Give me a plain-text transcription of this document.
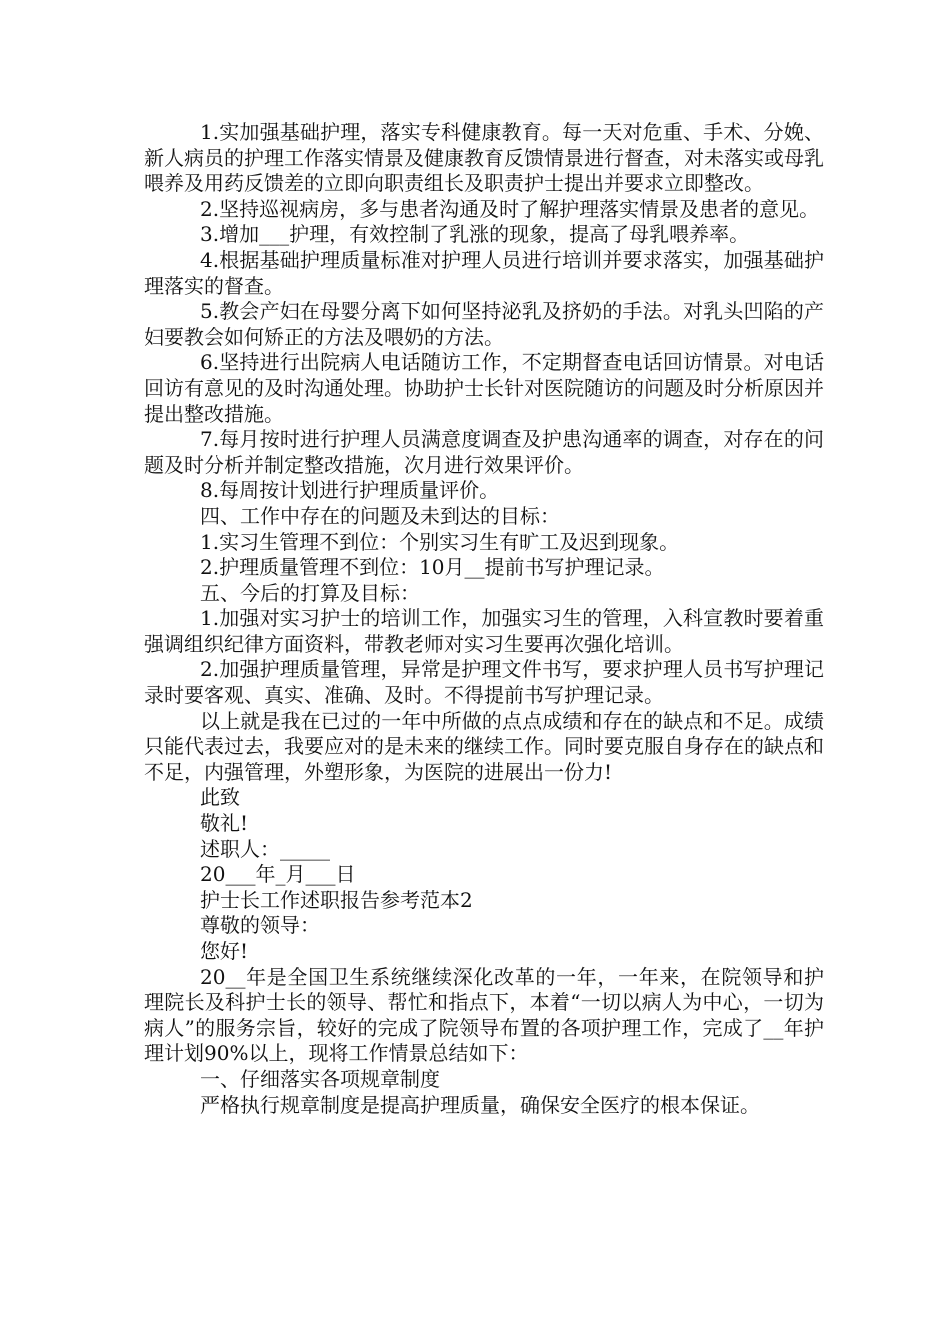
1.实加强基础护理，落实专科健康教育。每一天对危重、手术、分娩、新人病员的护理工作落实情景及健康教育反馈情景进行督查，对未落实或母乳喂养及用药反馈差的立即向职责组长及职责护士提出并要求立即整改。

2.坚持巡视病房，多与患者沟通及时了解护理落实情景及患者的意见。

3.增加___护理，有效控制了乳涨的现象，提高了母乳喂养率。

4.根据基础护理质量标准对护理人员进行培训并要求落实，加强基础护理落实的督查。

5.教会产妇在母婴分离下如何坚持泌乳及挤奶的手法。对乳头凹陷的产妇要教会如何矫正的方法及喂奶的方法。

6.坚持进行出院病人电话随访工作，不定期督查电话回访情景。对电话回访有意见的及时沟通处理。协助护士长针对医院随访的问题及时分析原因并提出整改措施。

7.每月按时进行护理人员满意度调查及护患沟通率的调查，对存在的问题及时分析并制定整改措施，次月进行效果评价。

8.每周按计划进行护理质量评价。

四、工作中存在的问题及未到达的目标：

1.实习生管理不到位：个别实习生有旷工及迟到现象。

2.护理质量管理不到位：10月__提前书写护理记录。

五、今后的打算及目标：

1.加强对实习护士的培训工作，加强实习生的管理，入科宣教时要着重强调组织纪律方面资料，带教老师对实习生要再次强化培训。

2.加强护理质量管理，异常是护理文件书写，要求护理人员书写护理记录时要客观、真实、准确、及时。不得提前书写护理记录。

以上就是我在已过的一年中所做的点点成绩和存在的缺点和不足。成绩只能代表过去，我要应对的是未来的继续工作。同时要克服自身存在的缺点和不足，内强管理，外塑形象，为医院的进展出一份力!

此致

敬礼!

述职人：_____

20___年_月___日

护士长工作述职报告参考范本2

尊敬的领导：

您好!

20__年是全国卫生系统继续深化改革的一年，一年来，在院领导和护理院长及科护士长的领导、帮忙和指点下，本着“一切以病人为中心，一切为病人”的服务宗旨，较好的完成了院领导布置的各项护理工作，完成了__年护理计划90%以上，现将工作情景总结如下：

一、仔细落实各项规章制度

严格执行规章制度是提高护理质量，确保安全医疗的根本保证。
